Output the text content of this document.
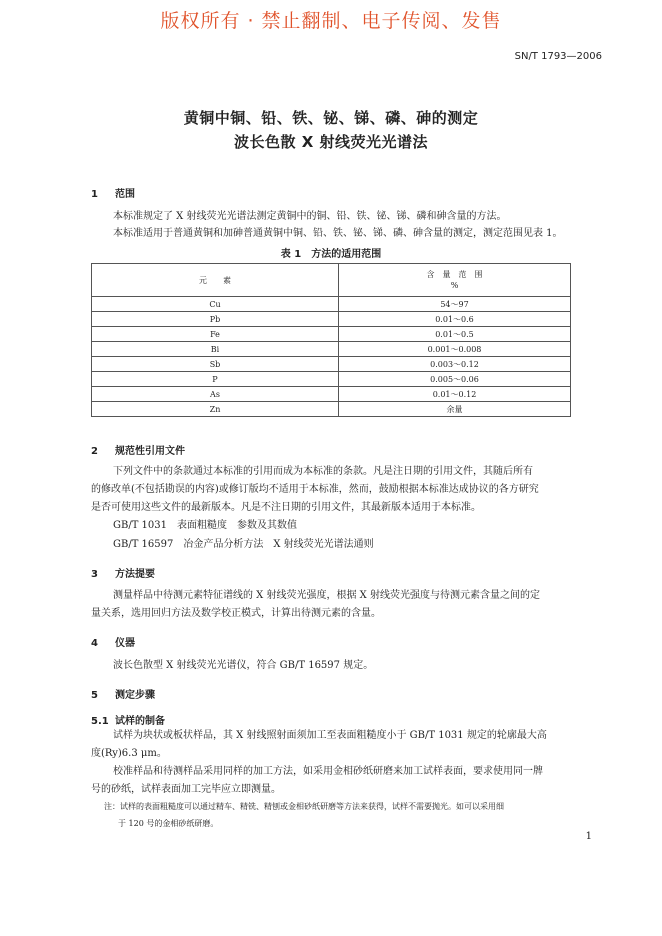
版权所有 · 禁止翻制、电子传阅、发售
SN/T 1793—2006
黄铜中铜、铅、铁、铋、锑、磷、砷的测定
波长色散 X 射线荧光光谱法
1 范围
本标准规定了 X 射线荧光光谱法测定黄铜中的铜、铅、铁、铋、锑、磷和砷含量的方法。
本标准适用于普通黄铜和加砷普通黄铜中铜、铅、铁、铋、锑、磷、砷含量的测定，测定范围见表 1。
表 1　方法的适用范围
元　　素	含　量　范　围
%

Cu	54～97
Pb	0.01～0.6
Fe	0.01～0.5
Bi	0.001～0.008
Sb	0.003～0.12
P	0.005～0.06
As	0.01～0.12
Zn	余量
2 规范性引用文件
下列文件中的条款通过本标准的引用而成为本标准的条款。凡是注日期的引用文件，其随后所有
的修改单(不包括勘误的内容)或修订版均不适用于本标准，然而，鼓励根据本标准达成协议的各方研究
是否可使用这些文件的最新版本。凡是不注日期的引用文件，其最新版本适用于本标准。
GB/T 1031　表面粗糙度　参数及其数值
GB/T 16597　冶金产品分析方法　X 射线荧光光谱法通则
3 方法提要
测量样品中待测元素特征谱线的 X 射线荧光强度，根据 X 射线荧光强度与待测元素含量之间的定
量关系，选用回归方法及数学校正模式，计算出待测元素的含量。
4 仪器
波长色散型 X 射线荧光光谱仪，符合 GB/T 16597 规定。
5 测定步骤
5.1 试样的制备
试样为块状或板状样品，其 X 射线照射面须加工至表面粗糙度小于 GB/T 1031 规定的轮廓最大高
度(Ry)6.3 μm。
校准样品和待测样品采用同样的加工方法，如采用金相砂纸研磨来加工试样表面，要求使用同一牌
号的砂纸，试样表面加工完毕应立即测量。
注：试样的表面粗糙度可以通过精车、精铣、精刨或金相砂纸研磨等方法来获得，试样不需要抛光。如可以采用细
于 120 号的金相砂纸研磨。
1
